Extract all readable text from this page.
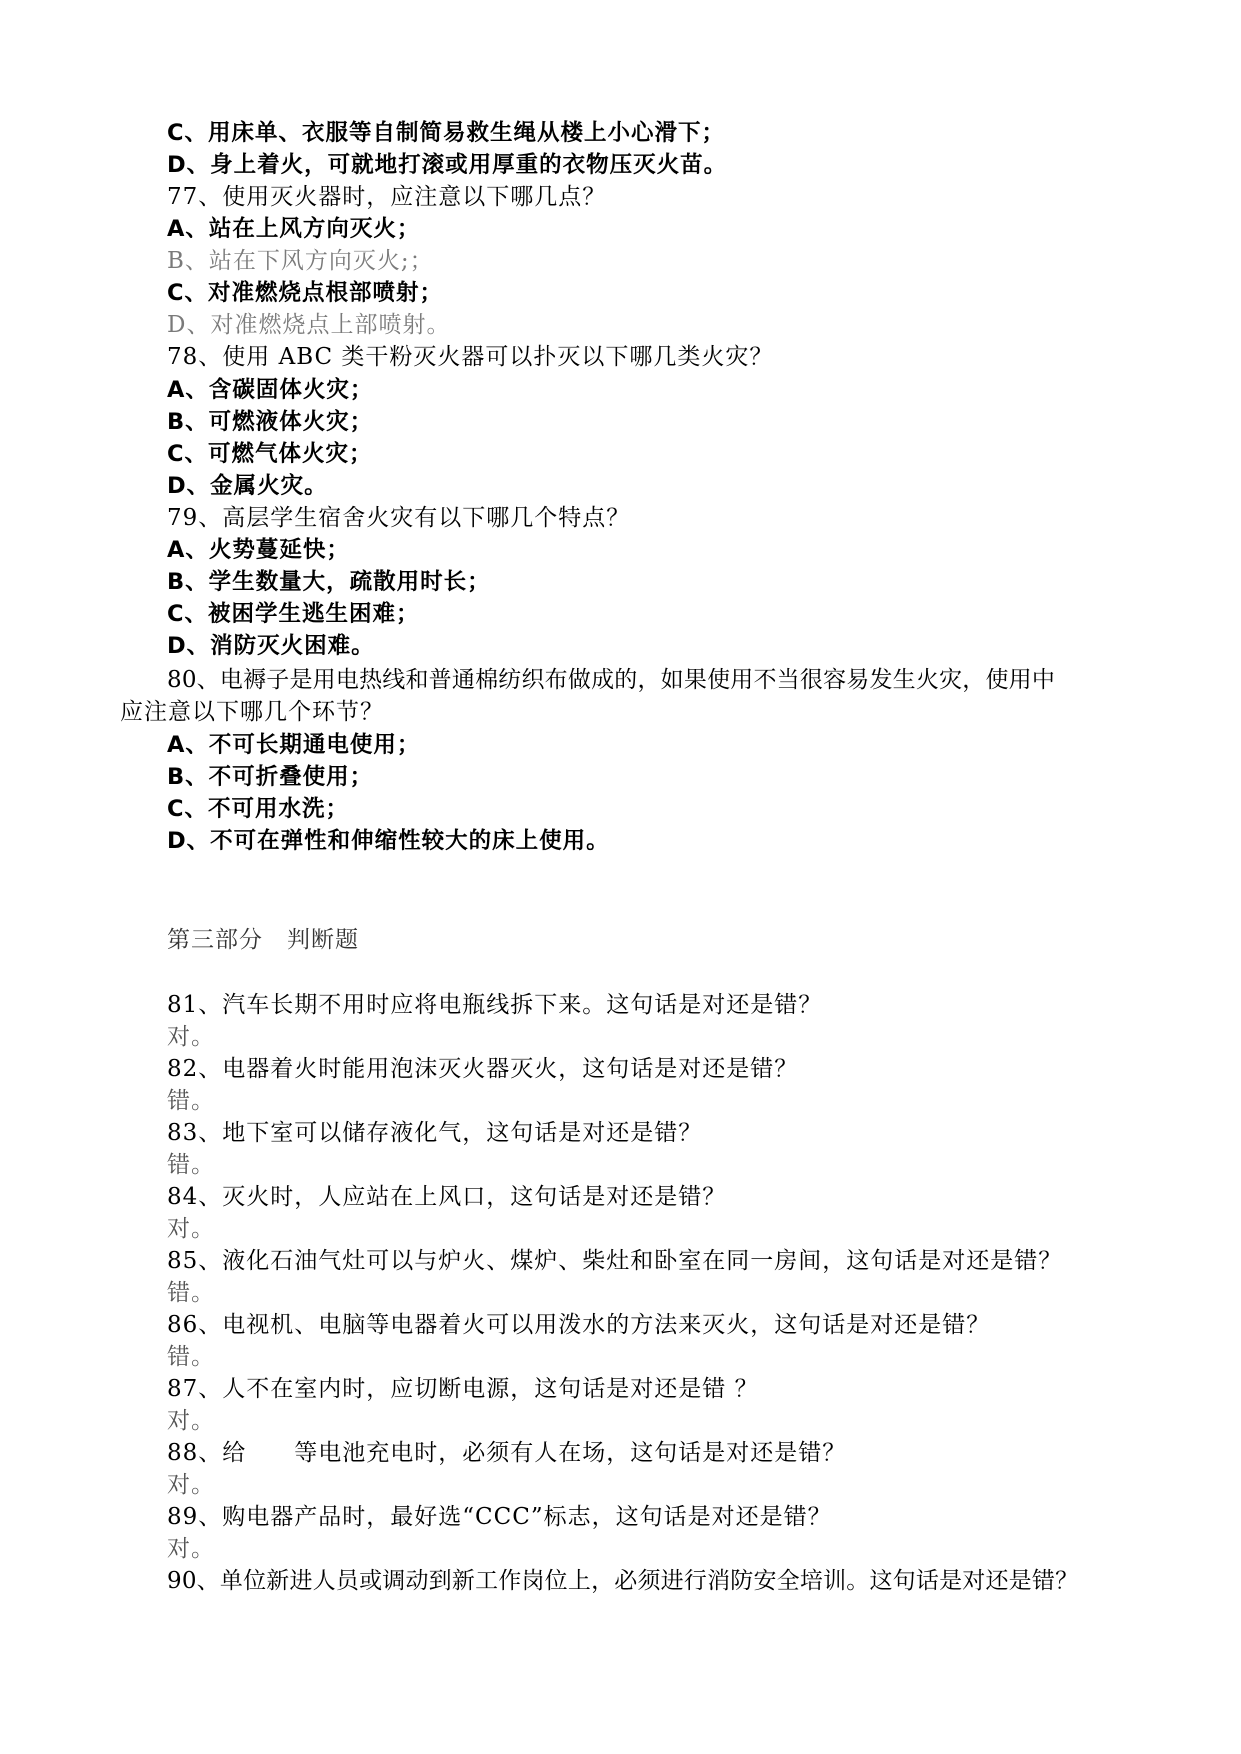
C、用床单、衣服等自制简易救生绳从楼上小心滑下；
D、身上着火，可就地打滚或用厚重的衣物压灭火苗。
77、使用灭火器时，应注意以下哪几点？
A、站在上风方向灭火；
B、站在下风方向灭火;；
C、对准燃烧点根部喷射；
D、对准燃烧点上部喷射。
78、使用 ABC 类干粉灭火器可以扑灭以下哪几类火灾？
A、含碳固体火灾；
B、可燃液体火灾；
C、可燃气体火灾；
D、金属火灾。
79、高层学生宿舍火灾有以下哪几个特点？
A、火势蔓延快；
B、学生数量大，疏散用时长；
C、被困学生逃生困难；
D、消防灭火困难。
80、电褥子是用电热线和普通棉纺织布做成的，如果使用不当很容易发生火灾，使用中
应注意以下哪几个环节？
A、不可长期通电使用；
B、不可折叠使用；
C、不可用水洗；
D、不可在弹性和伸缩性较大的床上使用。
第三部分　判断题
81、汽车长期不用时应将电瓶线拆下来。这句话是对还是错？
对。
82、电器着火时能用泡沫灭火器灭火，这句话是对还是错？
错。
83、地下室可以储存液化气，这句话是对还是错？
错。
84、灭火时，人应站在上风口，这句话是对还是错？
对。
85、液化石油气灶可以与炉火、煤炉、柴灶和卧室在同一房间，这句话是对还是错？
错。
86、电视机、电脑等电器着火可以用泼水的方法来灭火，这句话是对还是错？
错。
87、人不在室内时，应切断电源，这句话是对还是错 ？
对。
88、给　　等电池充电时，必须有人在场，这句话是对还是错？
对。
89、购电器产品时，最好选“CCC”标志，这句话是对还是错？
对。
90、单位新进人员或调动到新工作岗位上，必须进行消防安全培训。这句话是对还是错？
